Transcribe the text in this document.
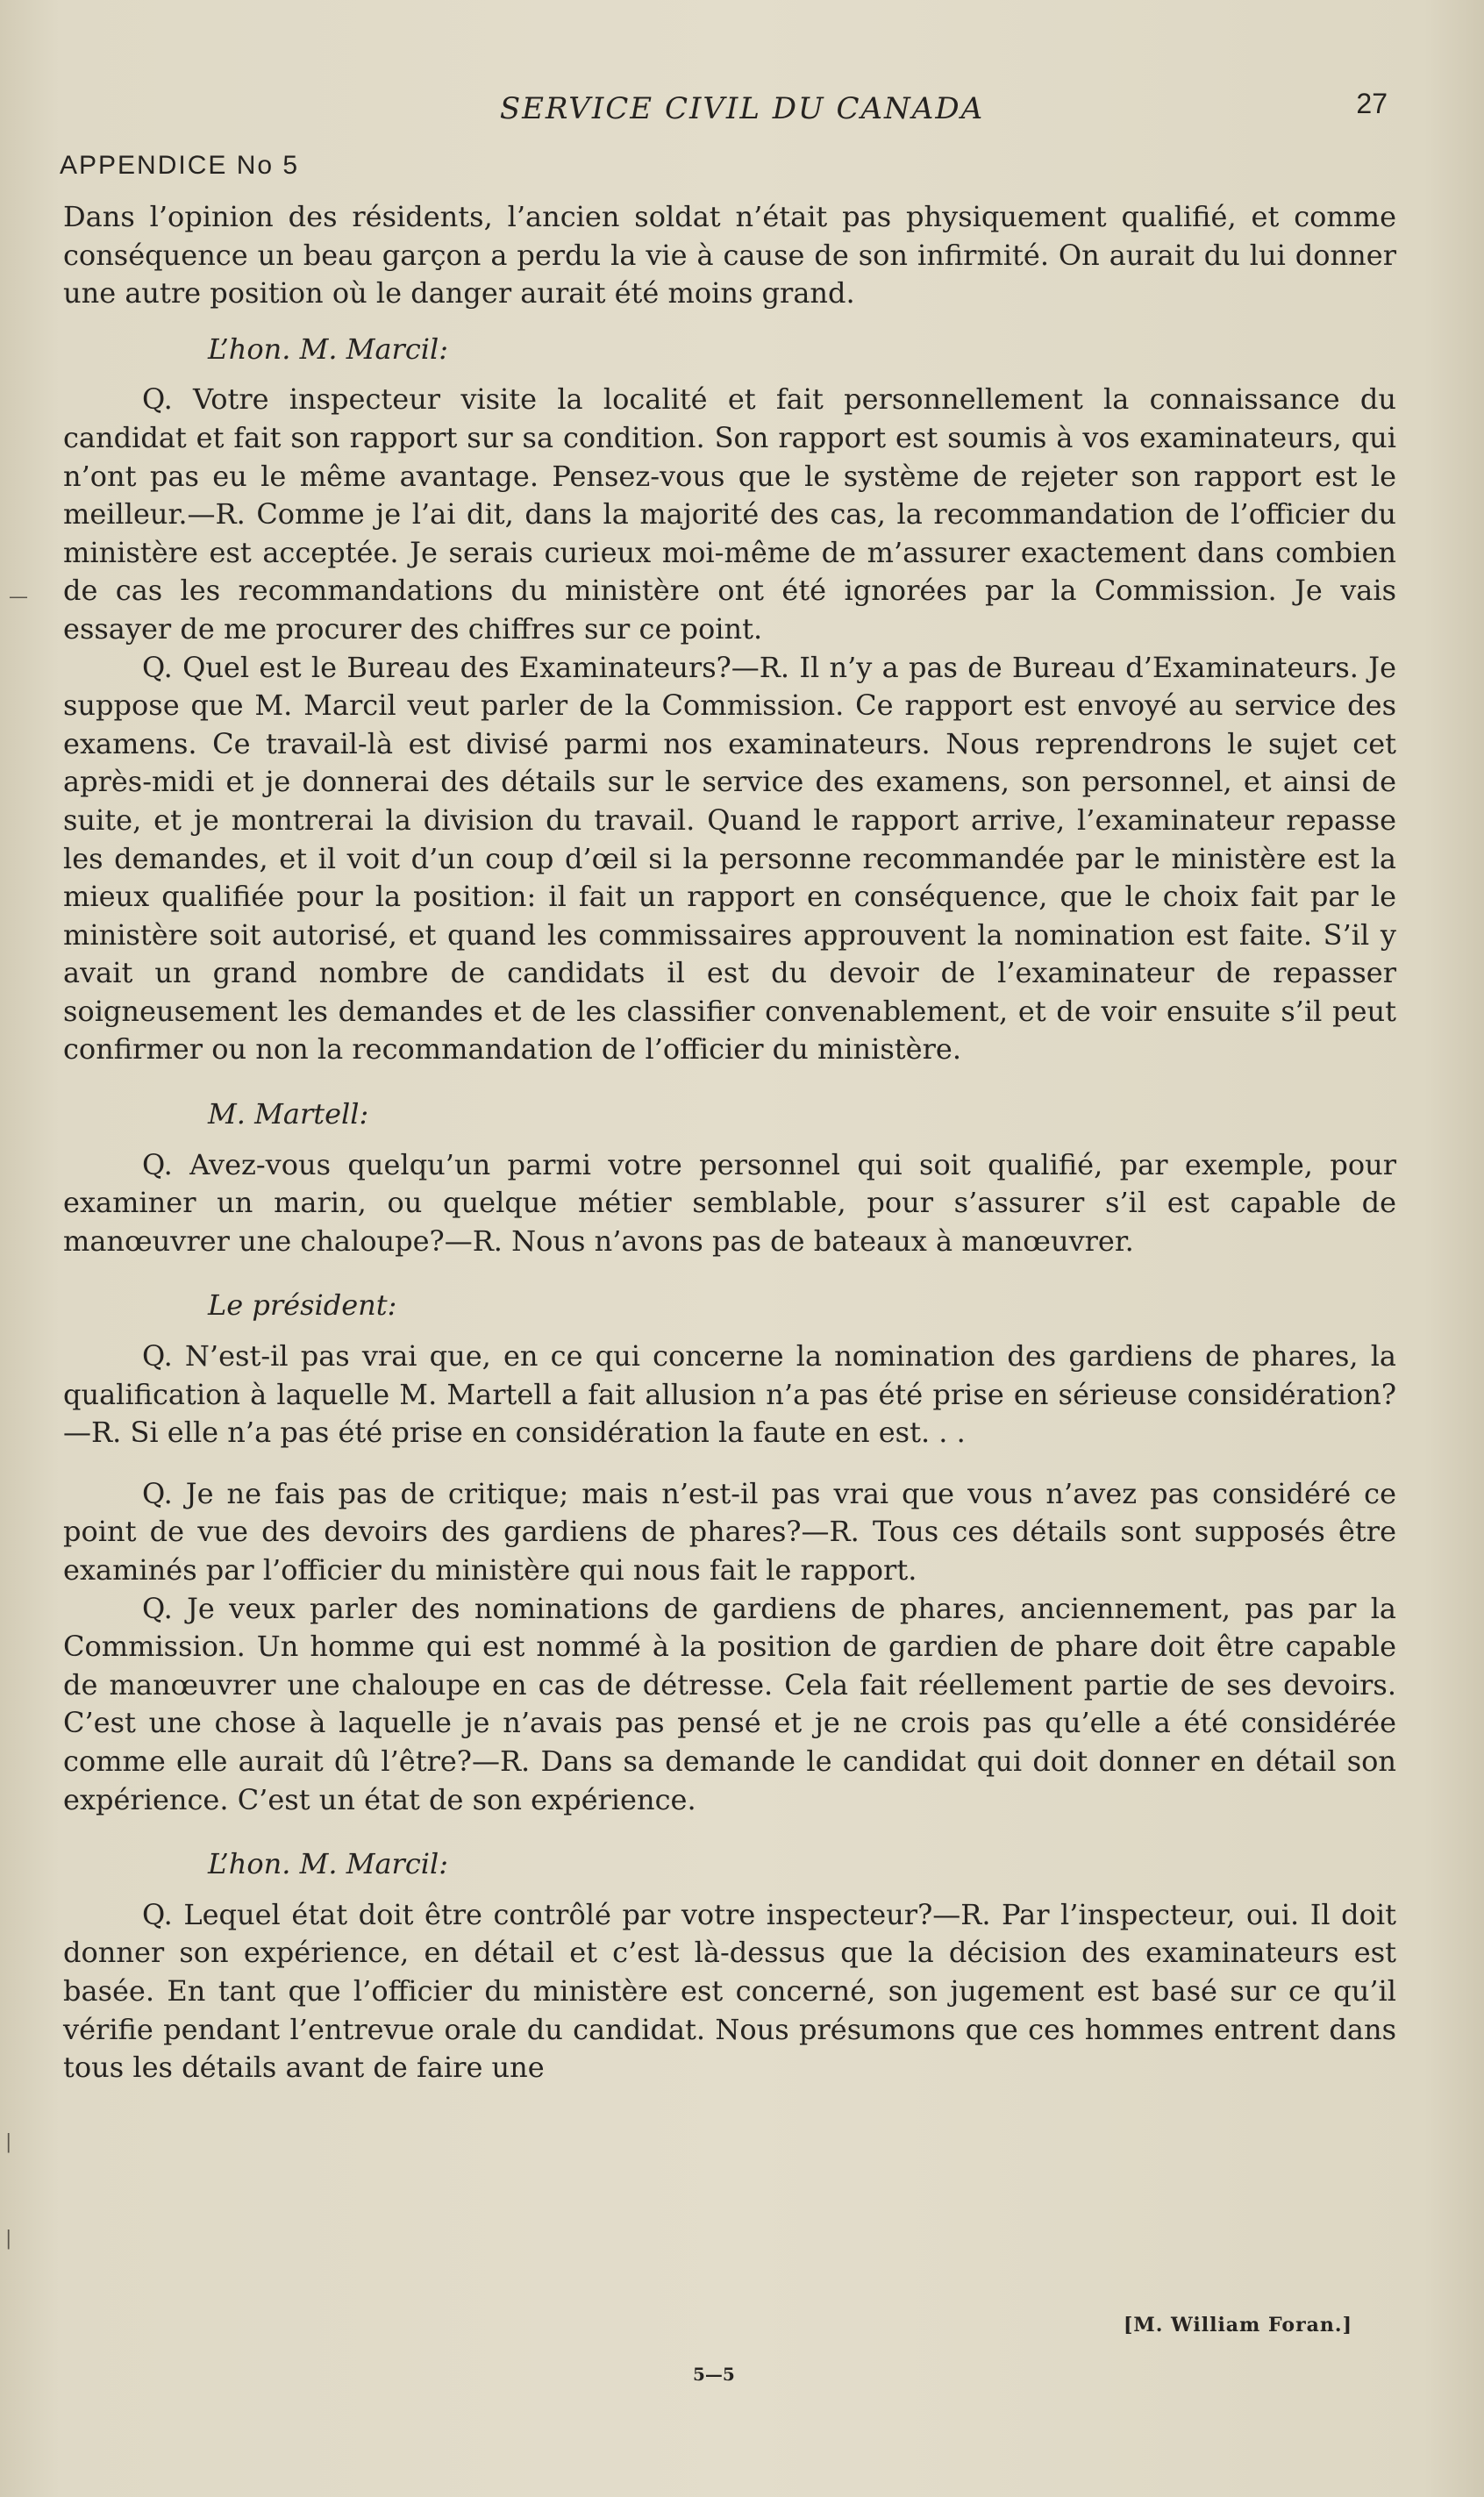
SERVICE CIVIL DU CANADA	27
APPENDICE No 5

Dans l’opinion des résidents, l’ancien soldat n’était pas physiquement qualifié, et comme conséquence un beau garçon a perdu la vie à cause de son infirmité. On aurait du lui donner une autre position où le danger aurait été moins grand.

L’hon. M. Marcil:

Q. Votre inspecteur visite la localité et fait personnellement la connaissance du candidat et fait son rapport sur sa condition. Son rapport est soumis à vos examinateurs, qui n’ont pas eu le même avantage. Pensez-vous que le système de rejeter son rapport est le meilleur.—R. Comme je l’ai dit, dans la majorité des cas, la recommandation de l’officier du ministère est acceptée. Je serais curieux moi-même de m’assurer exactement dans combien de cas les recommandations du ministère ont été ignorées par la Commission. Je vais essayer de me procurer des chiffres sur ce point.

Q. Quel est le Bureau des Examinateurs?—R. Il n’y a pas de Bureau d’Examinateurs. Je suppose que M. Marcil veut parler de la Commission. Ce rapport est envoyé au service des examens. Ce travail-là est divisé parmi nos examinateurs. Nous reprendrons le sujet cet après-midi et je donnerai des détails sur le service des examens, son personnel, et ainsi de suite, et je montrerai la division du travail. Quand le rapport arrive, l’examinateur repasse les demandes, et il voit d’un coup d’œil si la personne recommandée par le ministère est la mieux qualifiée pour la position: il fait un rapport en conséquence, que le choix fait par le ministère soit autorisé, et quand les commissaires approuvent la nomination est faite. S’il y avait un grand nombre de candidats il est du devoir de l’examinateur de repasser soigneusement les demandes et de les classifier convenablement, et de voir ensuite s’il peut confirmer ou non la recommandation de l’officier du ministère.

M. Martell:

Q. Avez-vous quelqu’un parmi votre personnel qui soit qualifié, par exemple, pour examiner un marin, ou quelque métier semblable, pour s’assurer s’il est capable de manœuvrer une chaloupe?—R. Nous n’avons pas de bateaux à manœuvrer.

Le président:

Q. N’est-il pas vrai que, en ce qui concerne la nomination des gardiens de phares, la qualification à laquelle M. Martell a fait allusion n’a pas été prise en sérieuse considération?—R. Si elle n’a pas été prise en considération la faute en est. . .

Q. Je ne fais pas de critique; mais n’est-il pas vrai que vous n’avez pas considéré ce point de vue des devoirs des gardiens de phares?—R. Tous ces détails sont supposés être examinés par l’officier du ministère qui nous fait le rapport.

Q. Je veux parler des nominations de gardiens de phares, anciennement, pas par la Commission. Un homme qui est nommé à la position de gardien de phare doit être capable de manœuvrer une chaloupe en cas de détresse. Cela fait réellement partie de ses devoirs. C’est une chose à laquelle je n’avais pas pensé et je ne crois pas qu’elle a été considérée comme elle aurait dû l’être?—R. Dans sa demande le candidat qui doit donner en détail son expérience. C’est un état de son expérience.

L’hon. M. Marcil:

Q. Lequel état doit être contrôlé par votre inspecteur?—R. Par l’inspecteur, oui. Il doit donner son expérience, en détail et c’est là-dessus que la décision des examinateurs est basée. En tant que l’officier du ministère est concerné, son jugement est basé sur ce qu’il vérifie pendant l’entrevue orale du candidat. Nous présumons que ces hommes entrent dans tous les détails avant de faire une

[M. William Foran.]
5—5
—
|
|
